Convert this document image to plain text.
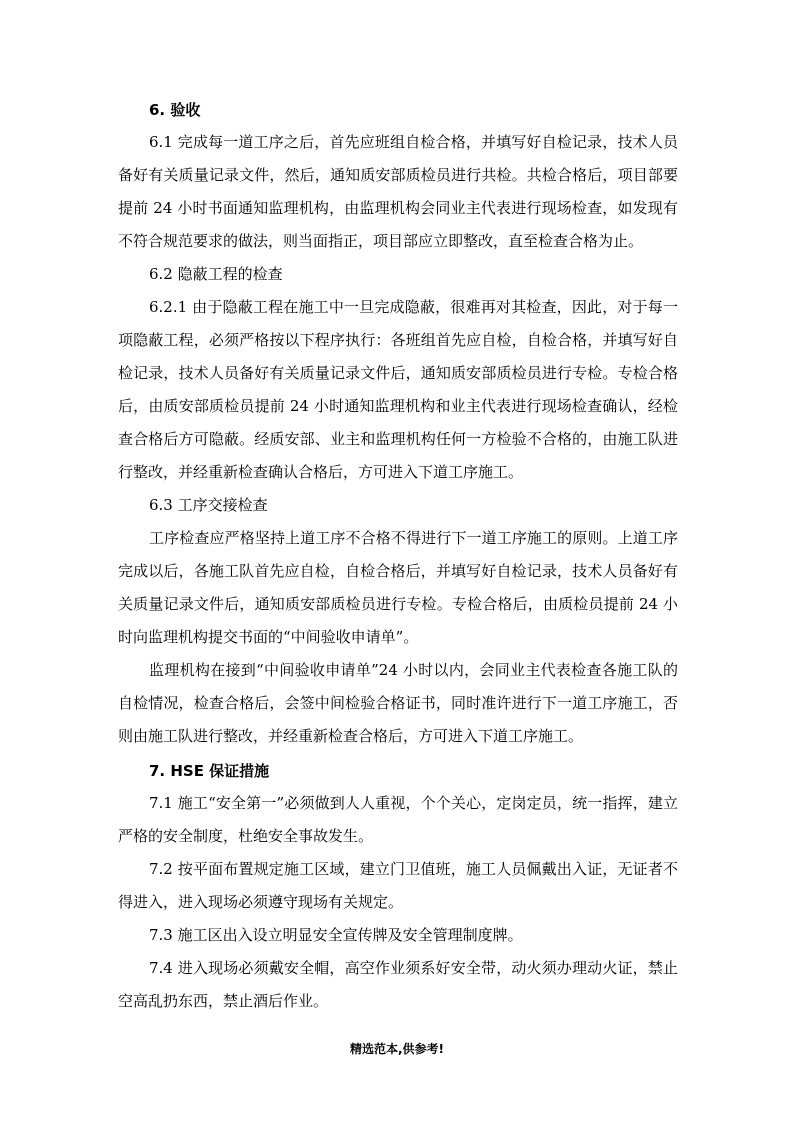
6. 验收

6.1 完成每一道工序之后，首先应班组自检合格，并填写好自检记录，技术人员备好有关质量记录文件，然后，通知质安部质检员进行共检。共检合格后，项目部要提前 24 小时书面通知监理机构，由监理机构会同业主代表进行现场检查，如发现有不符合规范要求的做法，则当面指正，项目部应立即整改，直至检查合格为止。

6.2 隐蔽工程的检查

6.2.1 由于隐蔽工程在施工中一旦完成隐蔽，很难再对其检查，因此，对于每一项隐蔽工程，必须严格按以下程序执行：各班组首先应自检，自检合格，并填写好自检记录，技术人员备好有关质量记录文件后，通知质安部质检员进行专检。专检合格后，由质安部质检员提前 24 小时通知监理机构和业主代表进行现场检查确认，经检查合格后方可隐蔽。经质安部、业主和监理机构任何一方检验不合格的，由施工队进行整改，并经重新检查确认合格后，方可进入下道工序施工。

6.3 工序交接检查

工序检查应严格坚持上道工序不合格不得进行下一道工序施工的原则。上道工序完成以后，各施工队首先应自检，自检合格后，并填写好自检记录，技术人员备好有关质量记录文件后，通知质安部质检员进行专检。专检合格后，由质检员提前 24 小时向监理机构提交书面的“中间验收申请单”。

监理机构在接到“中间验收申请单”24 小时以内，会同业主代表检查各施工队的自检情况，检查合格后，会签中间检验合格证书，同时准许进行下一道工序施工，否则由施工队进行整改，并经重新检查合格后，方可进入下道工序施工。

7. HSE 保证措施

7.1 施工“安全第一”必须做到人人重视，个个关心，定岗定员，统一指挥，建立严格的安全制度，杜绝安全事故发生。

7.2 按平面布置规定施工区域，建立门卫值班，施工人员佩戴出入证，无证者不得进入，进入现场必须遵守现场有关规定。

7.3 施工区出入设立明显安全宣传牌及安全管理制度牌。

7.4 进入现场必须戴安全帽，高空作业须系好安全带，动火须办理动火证，禁止空高乱扔东西，禁止酒后作业。

精选范本,供参考!
